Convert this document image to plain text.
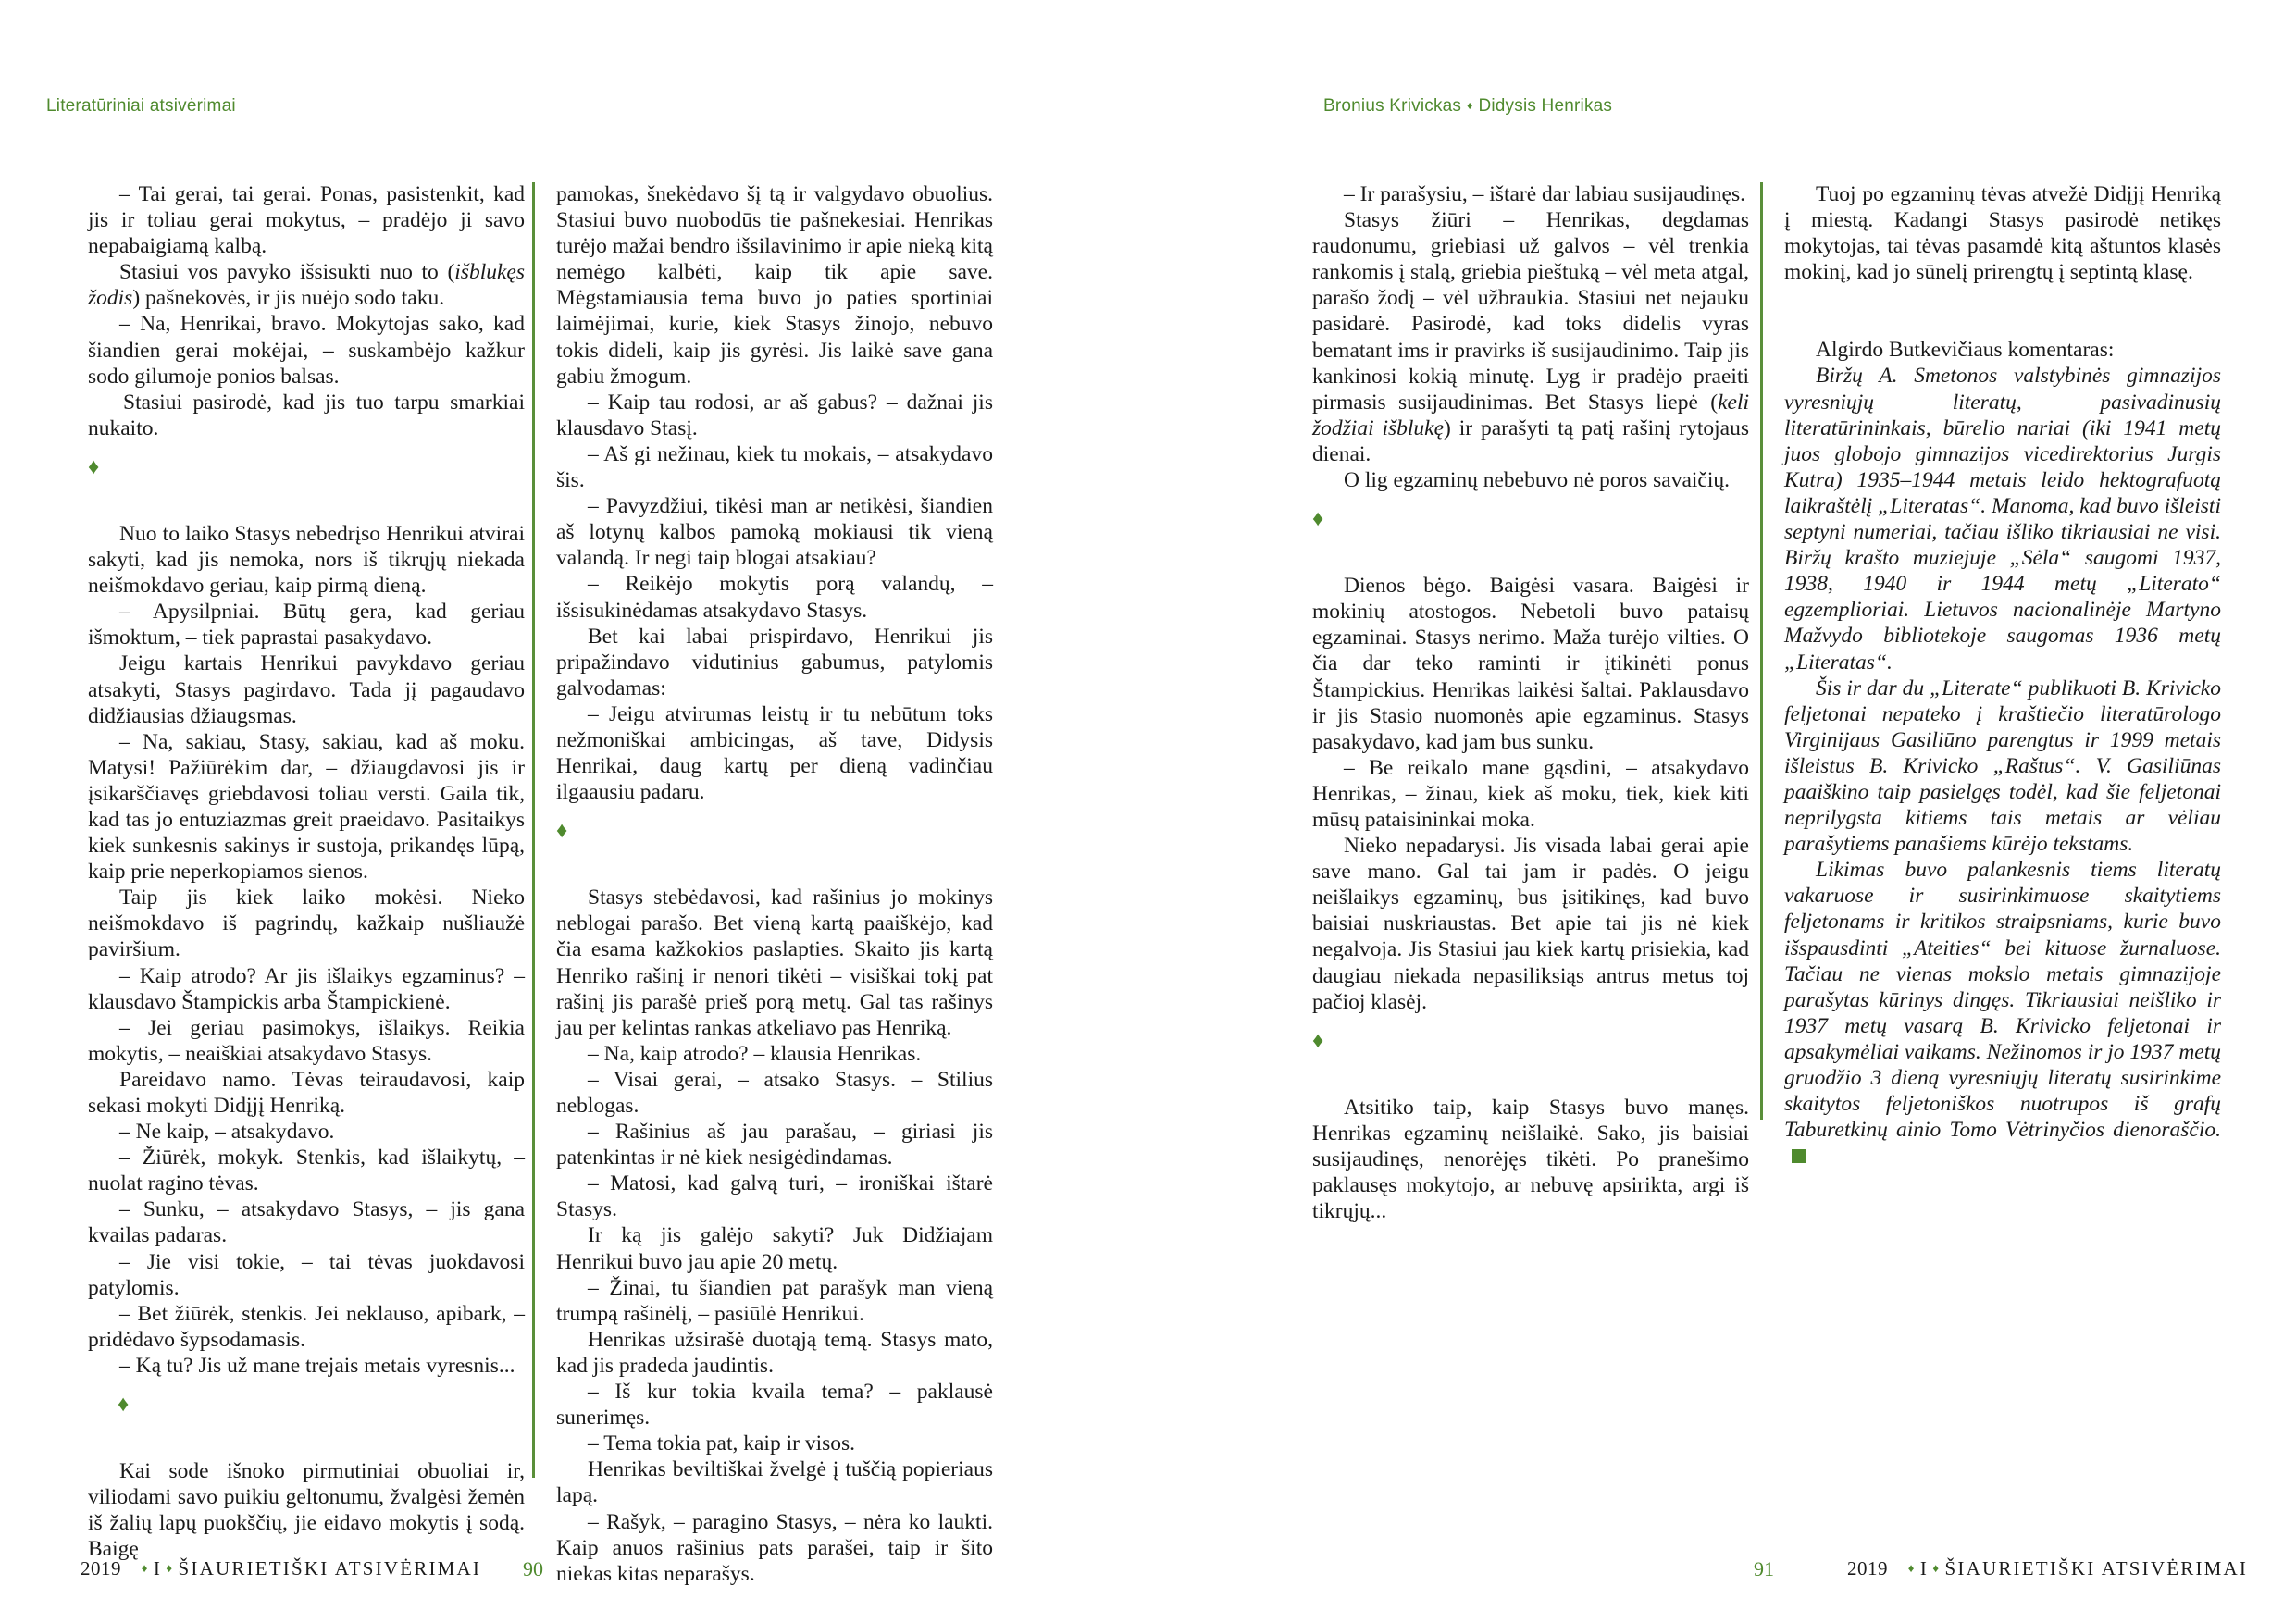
Literatūriniai atsivėrimai

– Tai gerai, tai gerai. Ponas, pasistenkit, kad jis ir toliau gerai mokytus, – pradėjo ji savo nepabaigiamą kalbą.

Stasiui vos pavyko išsisukti nuo to (išblukęs žodis) pašnekovės, ir jis nuėjo sodo taku.

– Na, Henrikai, bravo. Mokytojas sako, kad šiandien gerai mokėjai, – suskambėjo kažkur sodo gilumoje ponios balsas.

Stasiui pasirodė, kad jis tuo tarpu smarkiai nukaito.

♦

Nuo to laiko Stasys nebedrįso Henrikui atvirai sakyti, kad jis nemoka, nors iš tikrųjų niekada neišmokdavo geriau, kaip pirmą dieną.

– Apysilpniai. Būtų gera, kad geriau išmoktum, – tiek paprastai pasakydavo.

Jeigu kartais Henrikui pavykdavo geriau atsakyti, Stasys pagirdavo. Tada jį pagaudavo didžiausias džiaugsmas.

– Na, sakiau, Stasy, sakiau, kad aš moku. Matysi! Pažiūrėkim dar, – džiaugdavosi jis ir įsikarščiavęs griebdavosi toliau versti. Gaila tik, kad tas jo entuziazmas greit praeidavo. Pasitaikys kiek sunkesnis sakinys ir sustoja, prikandęs lūpą, kaip prie neperkopiamos sienos.

Taip jis kiek laiko mokėsi. Nieko neišmokdavo iš pagrindų, kažkaip nušliaužė paviršium.

– Kaip atrodo? Ar jis išlaikys egzaminus? – klausdavo Štampickis arba Štampickienė.

– Jei geriau pasimokys, išlaikys. Reikia mokytis, – neaiškiai atsakydavo Stasys.

Pareidavo namo. Tėvas teiraudavosi, kaip sekasi mokyti Didįjį Henriką.

– Ne kaip, – atsakydavo.

– Žiūrėk, mokyk. Stenkis, kad išlaikytų, – nuolat ragino tėvas.

– Sunku, – atsakydavo Stasys, – jis gana kvailas padaras.

– Jie visi tokie, – tai tėvas juokdavosi patylomis.

– Bet žiūrėk, stenkis. Jei neklauso, apibark, – pridėdavo šypsodamasis.

– Ką tu? Jis už mane trejais metais vyresnis...

♦

Kai sode išnoko pirmutiniai obuoliai ir, viliodami savo puikiu geltonumu, žvalgėsi žemėn iš žalių lapų puokščių, jie eidavo mokytis į sodą. Baigę

pamokas, šnekėdavo šį tą ir valgydavo obuolius. Stasiui buvo nuobodūs tie pašnekesiai. Henrikas turėjo mažai bendro išsilavinimo ir apie nieką kitą nemėgo kalbėti, kaip tik apie save. Mėgstamiausia tema buvo jo paties sportiniai laimėjimai, kurie, kiek Stasys žinojo, nebuvo tokis dideli, kaip jis gyrėsi. Jis laikė save gana gabiu žmogum.

– Kaip tau rodosi, ar aš gabus? – dažnai jis klausdavo Stasį.

– Aš gi nežinau, kiek tu mokais, – atsakydavo šis.

– Pavyzdžiui, tikėsi man ar netikėsi, šiandien aš lotynų kalbos pamoką mokiausi tik vieną valandą. Ir negi taip blogai atsakiau?

– Reikėjo mokytis porą valandų, – išsisukinėdamas atsakydavo Stasys.

Bet kai labai prispirdavo, Henrikui jis pripažindavo vidutinius gabumus, patylomis galvodamas:

– Jeigu atvirumas leistų ir tu nebūtum toks nežmoniškai ambicingas, aš tave, Didysis Henrikai, daug kartų per dieną vadinčiau ilgaausiu padaru.

♦

Stasys stebėdavosi, kad rašinius jo mokinys neblogai parašo. Bet vieną kartą paaiškėjo, kad čia esama kažkokios paslapties. Skaito jis kartą Henriko rašinį ir nenori tikėti – visiškai tokį pat rašinį jis parašė prieš porą metų. Gal tas rašinys jau per kelintas rankas atkeliavo pas Henriką.

– Na, kaip atrodo? – klausia Henrikas.

– Visai gerai, – atsako Stasys. – Stilius neblogas.

– Rašinius aš jau parašau, – giriasi jis patenkintas ir nė kiek nesigėdindamas.

– Matosi, kad galvą turi, – ironiškai ištarė Stasys.

Ir ką jis galėjo sakyti? Juk Didžiajam Henrikui buvo jau apie 20 metų.

– Žinai, tu šiandien pat parašyk man vieną trumpą rašinėlį, – pasiūlė Henrikui.

Henrikas užsirašė duotąją temą. Stasys mato, kad jis pradeda jaudintis.

– Iš kur tokia kvaila tema? – paklausė sunerimęs.

– Tema tokia pat, kaip ir visos.

Henrikas beviltiškai žvelgė į tuščią popieriaus lapą.

– Rašyk, – paragino Stasys, – nėra ko laukti. Kaip anuos rašinius pats parašei, taip ir šito niekas kitas neparašys.

2019 ♦ I ♦ ŠIAURIETIŠKI ATSIVĖRIMAI 90
Bronius Krivickas ♦ Didysis Henrikas

– Ir parašysiu, – ištarė dar labiau susijaudinęs.

Stasys žiūri – Henrikas, degdamas raudonumu, griebiasi už galvos – vėl trenkia rankomis į stalą, griebia pieštuką – vėl meta atgal, parašo žodį – vėl užbraukia. Stasiui net nejauku pasidarė. Pasirodė, kad toks didelis vyras bematant ims ir pravirks iš susijaudinimo. Taip jis kankinosi kokią minutę. Lyg ir pradėjo praeiti pirmasis susijaudinimas. Bet Stasys liepė (keli žodžiai išblukę) ir parašyti tą patį rašinį rytojaus dienai.

O lig egzaminų nebebuvo nė poros savaičių.

♦

Dienos bėgo. Baigėsi vasara. Baigėsi ir mokinių atostogos. Nebetoli buvo pataisų egzaminai. Stasys nerimo. Maža turėjo vilties. O čia dar teko raminti ir įtikinėti ponus Štampickius. Henrikas laikėsi šaltai. Paklausdavo ir jis Stasio nuomonės apie egzaminus. Stasys pasakydavo, kad jam bus sunku.

– Be reikalo mane gąsdini, – atsakydavo Henrikas, – žinau, kiek aš moku, tiek, kiek kiti mūsų pataisininkai moka.

Nieko nepadarysi. Jis visada labai gerai apie save mano. Gal tai jam ir padės. O jeigu neišlaikys egzaminų, bus įsitikinęs, kad buvo baisiai nuskriaustas. Bet apie tai jis nė kiek negalvoja. Jis Stasiui jau kiek kartų prisiekia, kad daugiau niekada nepasiliksiąs antrus metus toj pačioj klasėj.

♦

Atsitiko taip, kaip Stasys buvo manęs. Henrikas egzaminų neišlaikė. Sako, jis baisiai susijaudinęs, nenorėjęs tikėti. Po pranešimo paklausęs mokytojo, ar nebuvę apsirikta, argi iš tikrųjų...

Tuoj po egzaminų tėvas atvežė Didįjį Henriką į miestą. Kadangi Stasys pasirodė netikęs mokytojas, tai tėvas pasamdė kitą aštuntos klasės mokinį, kad jo sūnelį prirengtų į septintą klasę.

Algirdo Butkevičiaus komentaras:

Biržų A. Smetonos valstybinės gimnazijos vyresniųjų literatų, pasivadinusių literatūrininkais, būrelio nariai (iki 1941 metų juos globojo gimnazijos vicedirektorius Jurgis Kutra) 1935–1944 metais leido hektografuotą laikraštėlį „Literatas“. Manoma, kad buvo išleisti septyni numeriai, tačiau išliko tikriausiai ne visi. Biržų krašto muziejuje „Sėla“ saugomi 1937, 1938, 1940 ir 1944 metų „Literato“ egzemplioriai. Lietuvos nacionalinėje Martyno Mažvydo bibliotekoje saugomas 1936 metų „Literatas“.

Šis ir dar du „Literate“ publikuoti B. Krivicko feljetonai nepateko į kraštiečio literatūrologo Virginijaus Gasiliūno parengtus ir 1999 metais išleistus B. Krivicko „Raštus“. V. Gasiliūnas paaiškino taip pasielgęs todėl, kad šie feljetonai neprilygsta kitiems tais metais ar vėliau parašytiems panašiems kūrėjo tekstams.

Likimas buvo palankesnis tiems literatų vakaruose ir susirinkimuose skaitytiems feljetonams ir kritikos straipsniams, kurie buvo išspausdinti „Ateities“ bei kituose žurnaluose. Tačiau ne vienas mokslo metais gimnazijoje parašytas kūrinys dingęs. Tikriausiai neišliko ir 1937 metų vasarą B. Krivicko feljetonai ir apsakymėliai vaikams. Nežinomos ir jo 1937 metų gruodžio 3 dieną vyresniųjų literatų susirinkime skaitytos feljetoniškos nuotrupos iš grafų Taburetkinų ainio Tomo Vėtrinyčios dienoraščio.

91	2019 ♦ I ♦ ŠIAURIETIŠKI ATSIVĖRIMAI
